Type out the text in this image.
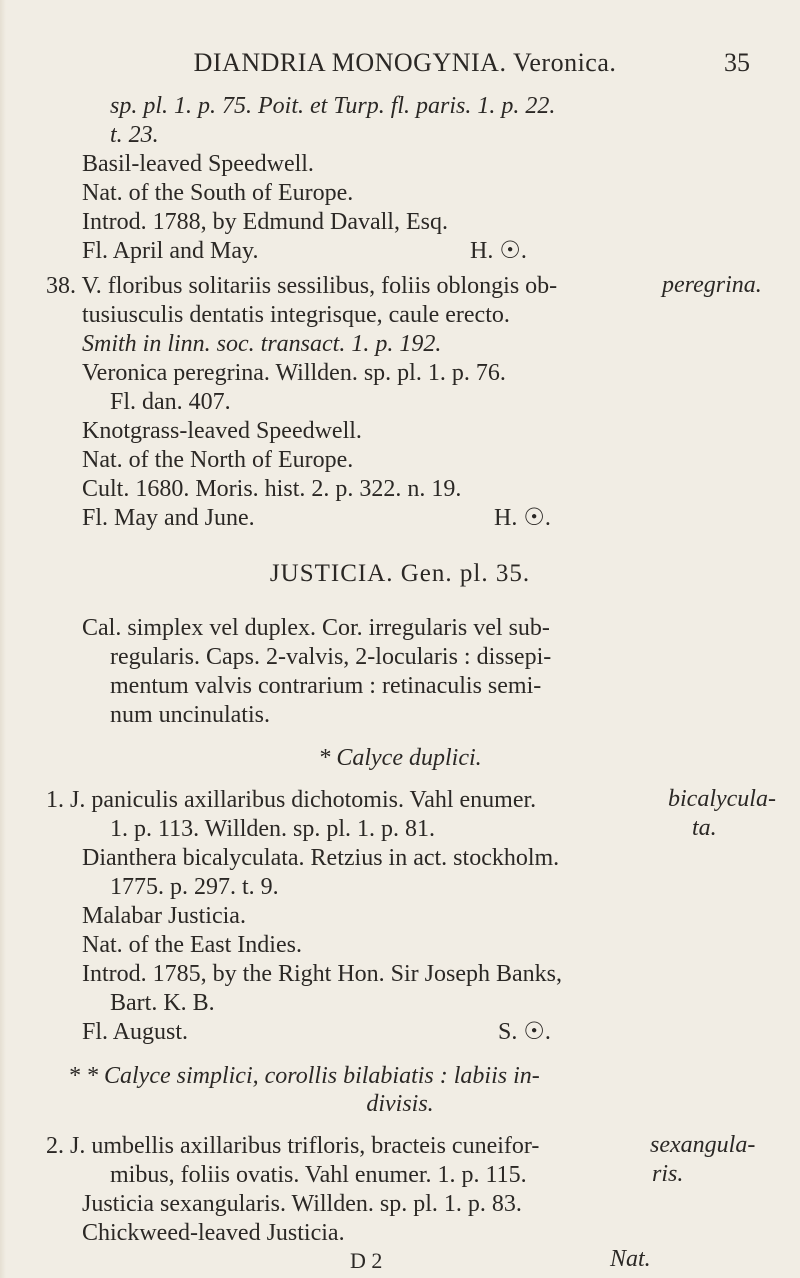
DIANDRIA MONOGYNIA. Veronica.	35
sp. pl. 1. p. 75. Poit. et Turp. fl. paris. 1. p. 22.
t. 23.
Basil-leaved Speedwell.
Nat. of the South of Europe.
Introd. 1788, by Edmund Davall, Esq.
Fl. April and May.	H. ☉.
38. V. floribus solitariis sessilibus, foliis oblongis ob-	peregrina.
tusiusculis dentatis integrisque, caule erecto.
Smith in linn. soc. transact. 1. p. 192.
Veronica peregrina. Willden. sp. pl. 1. p. 76.
Fl. dan. 407.
Knotgrass-leaved Speedwell.
Nat. of the North of Europe.
Cult. 1680. Moris. hist. 2. p. 322. n. 19.
Fl. May and June.	H. ☉.
JUSTICIA. Gen. pl. 35.
Cal. simplex vel duplex. Cor. irregularis vel sub-
regularis. Caps. 2-valvis, 2-locularis : dissepi-
mentum valvis contrarium : retinaculis semi-
num uncinulatis.
* Calyce duplici.
1. J. paniculis axillaribus dichotomis. Vahl enumer.	bicalycula-
1. p. 113. Willden. sp. pl. 1. p. 81.	ta.
Dianthera bicalyculata. Retzius in act. stockholm.
1775. p. 297. t. 9.
Malabar Justicia.
Nat. of the East Indies.
Introd. 1785, by the Right Hon. Sir Joseph Banks,
Bart. K. B.
Fl. August.	S. ☉.
* * Calyce simplici, corollis bilabiatis : labiis in-
divisis.
2. J. umbellis axillaribus trifloris, bracteis cuneifor-	sexangula-
mibus, foliis ovatis. Vahl enumer. 1. p. 115.	ris.
Justicia sexangularis. Willden. sp. pl. 1. p. 83.
Chickweed-leaved Justicia.
D 2	Nat.
